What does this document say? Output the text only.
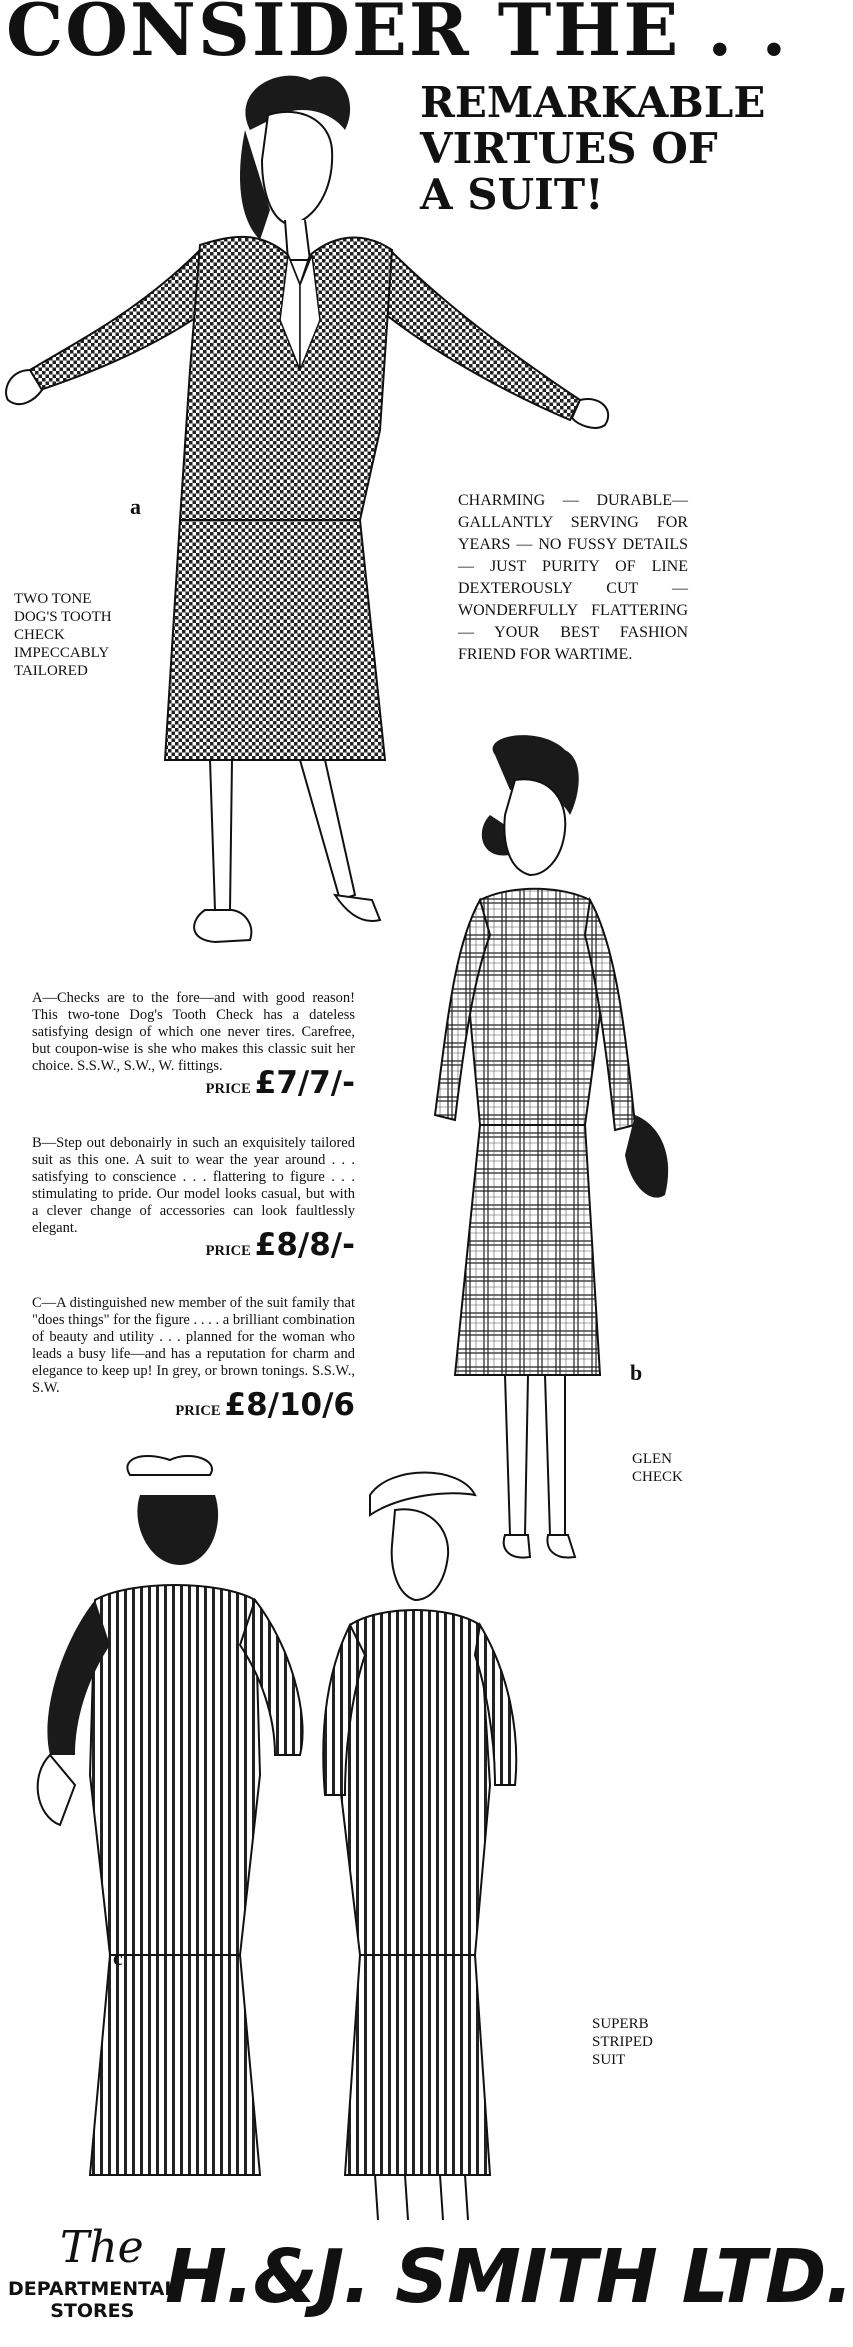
CONSIDER THE . .
REMARKABLE
VIRTUES OF
A SUIT!
a
TWO TONE
DOG'S TOOTH
CHECK
IMPECCABLY
TAILORED
CHARMING — DURABLE— GALLANTLY SERVING FOR YEARS — NO FUSSY DETAILS — JUST PURITY OF LINE DEXTEROUSLY CUT — WONDERFULLY FLATTERING — YOUR BEST FASHION FRIEND FOR WARTIME.
b
GLEN
CHECK
A—Checks are to the fore—and with good reason! This two-tone Dog's Tooth Check has a dateless satisfying design of which one never tires. Carefree, but coupon-wise is she who makes this classic suit her choice. S.S.W., S.W., W. fittings.
PRICE £7/7/-
B—Step out debonairly in such an exquisitely tailored suit as this one. A suit to wear the year around . . . satisfying to conscience . . . flattering to figure . . . stimulating to pride. Our model looks casual, but with a clever change of accessories can look faultlessly elegant.
PRICE £8/8/-
C—A distinguished new member of the suit family that "does things" for the figure . . . . a brilliant combination of beauty and utility . . . planned for the woman who leads a busy life—and has a reputation for charm and elegance to keep up! In grey, or brown tonings. S.S.W., S.W.
PRICE £8/10/6
c
SUPERB
STRIPED
SUIT
The
DEPARTMENTAL
STORES H.&J. SMITH LTD.
